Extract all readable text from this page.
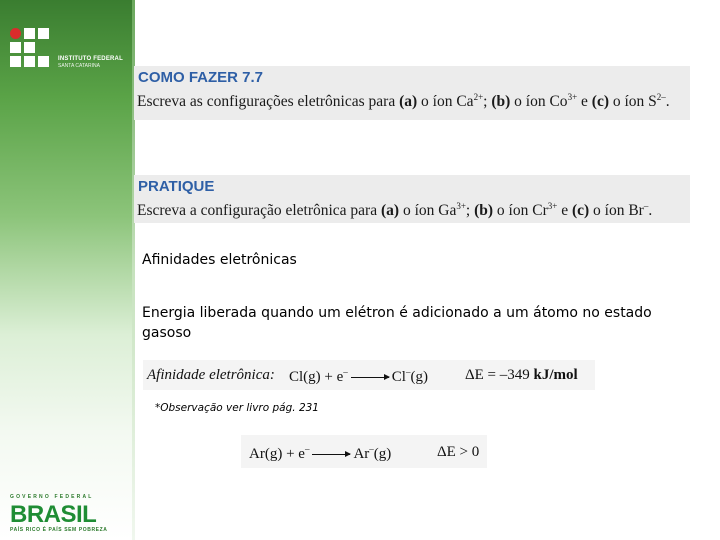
INSTITUTO FEDERAL
SANTA CATARINA
COMO FAZER 7.7
Escreva as configurações eletrônicas para (a) o íon $Ca^{2+}$; (b) o íon $Co^{3+}$ e (c) o íon $S^{2-}$.
PRATIQUE
Escreva a configuração eletrônica para (a) o íon $Ga^{3+}$; (b) o íon $Cr^{3+}$ e (c) o íon Br–.
Afinidades eletrônicas
Energia liberada quando um elétron é adicionado a um átomo no estado gasoso
Afinidade eletrônica: Cl(g) + e– → Cl–(g) ΔE = –349 kJ/mol
*Observação ver livro pág. 231
Ar(g) + e– → Ar–(g)	ΔE > 0
GOVERNO FEDERAL
BRASIL
PAÍS RICO É PAÍS SEM POBREZA
